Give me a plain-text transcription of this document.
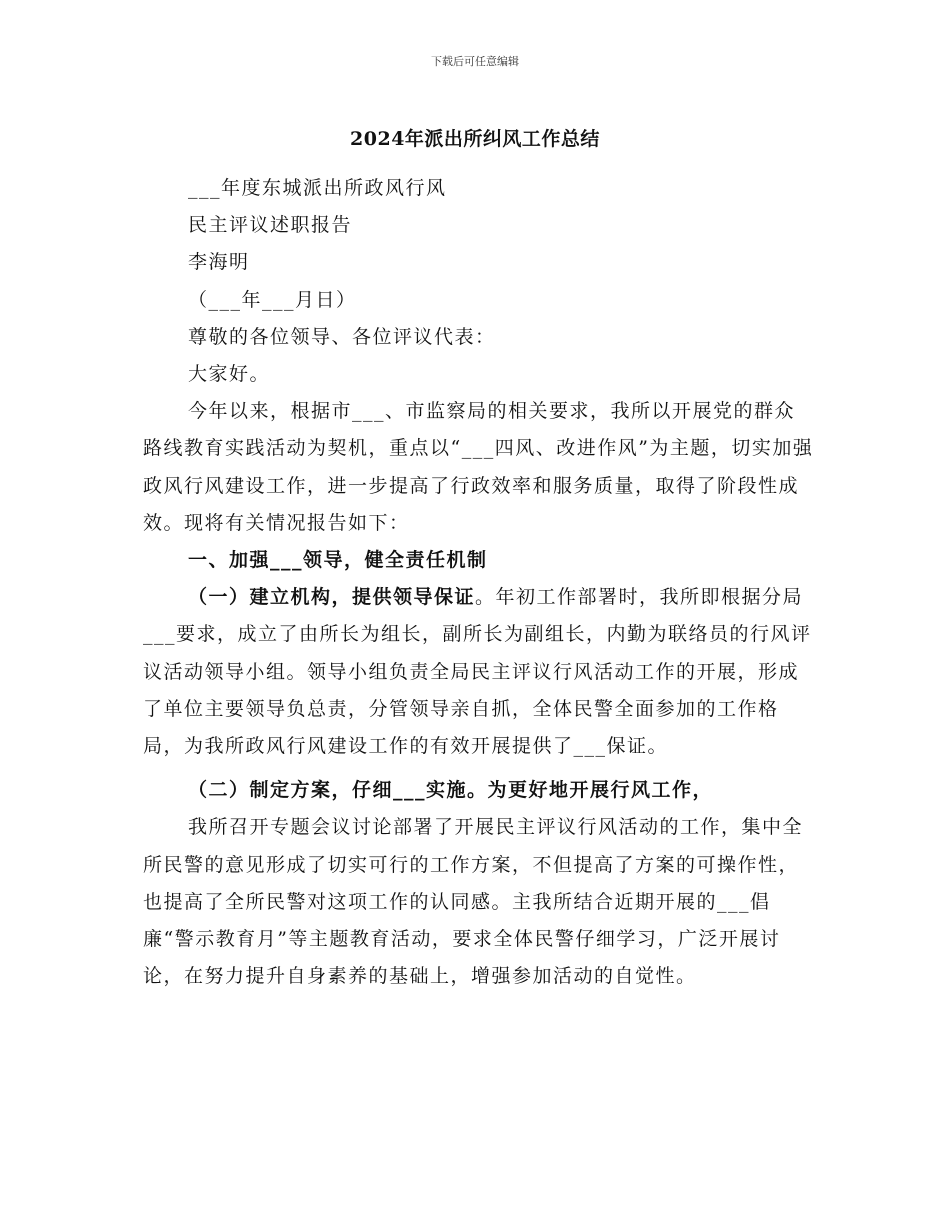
下载后可任意编辑
2024年派出所纠风工作总结

___年度东城派出所政风行风

民主评议述职报告

李海明

（___年___月日）

尊敬的各位领导、各位评议代表：

大家好。

今年以来，根据市___、市监察局的相关要求，我所以开展党的群众路线教育实践活动为契机，重点以“___四风、改进作风”为主题，切实加强政风行风建设工作，进一步提高了行政效率和服务质量，取得了阶段性成效。现将有关情况报告如下：

一、加强___领导，健全责任机制

（一）建立机构，提供领导保证。年初工作部署时，我所即根据分局___要求，成立了由所长为组长，副所长为副组长，内勤为联络员的行风评议活动领导小组。领导小组负责全局民主评议行风活动工作的开展，形成了单位主要领导负总责，分管领导亲自抓，全体民警全面参加的工作格局，为我所政风行风建设工作的有效开展提供了___保证。

（二）制定方案，仔细___实施。为更好地开展行风工作，

我所召开专题会议讨论部署了开展民主评议行风活动的工作，集中全所民警的意见形成了切实可行的工作方案，不但提高了方案的可操作性，也提高了全所民警对这项工作的认同感。主我所结合近期开展的___倡廉“警示教育月”等主题教育活动，要求全体民警仔细学习，广泛开展讨论，在努力提升自身素养的基础上，增强参加活动的自觉性。
